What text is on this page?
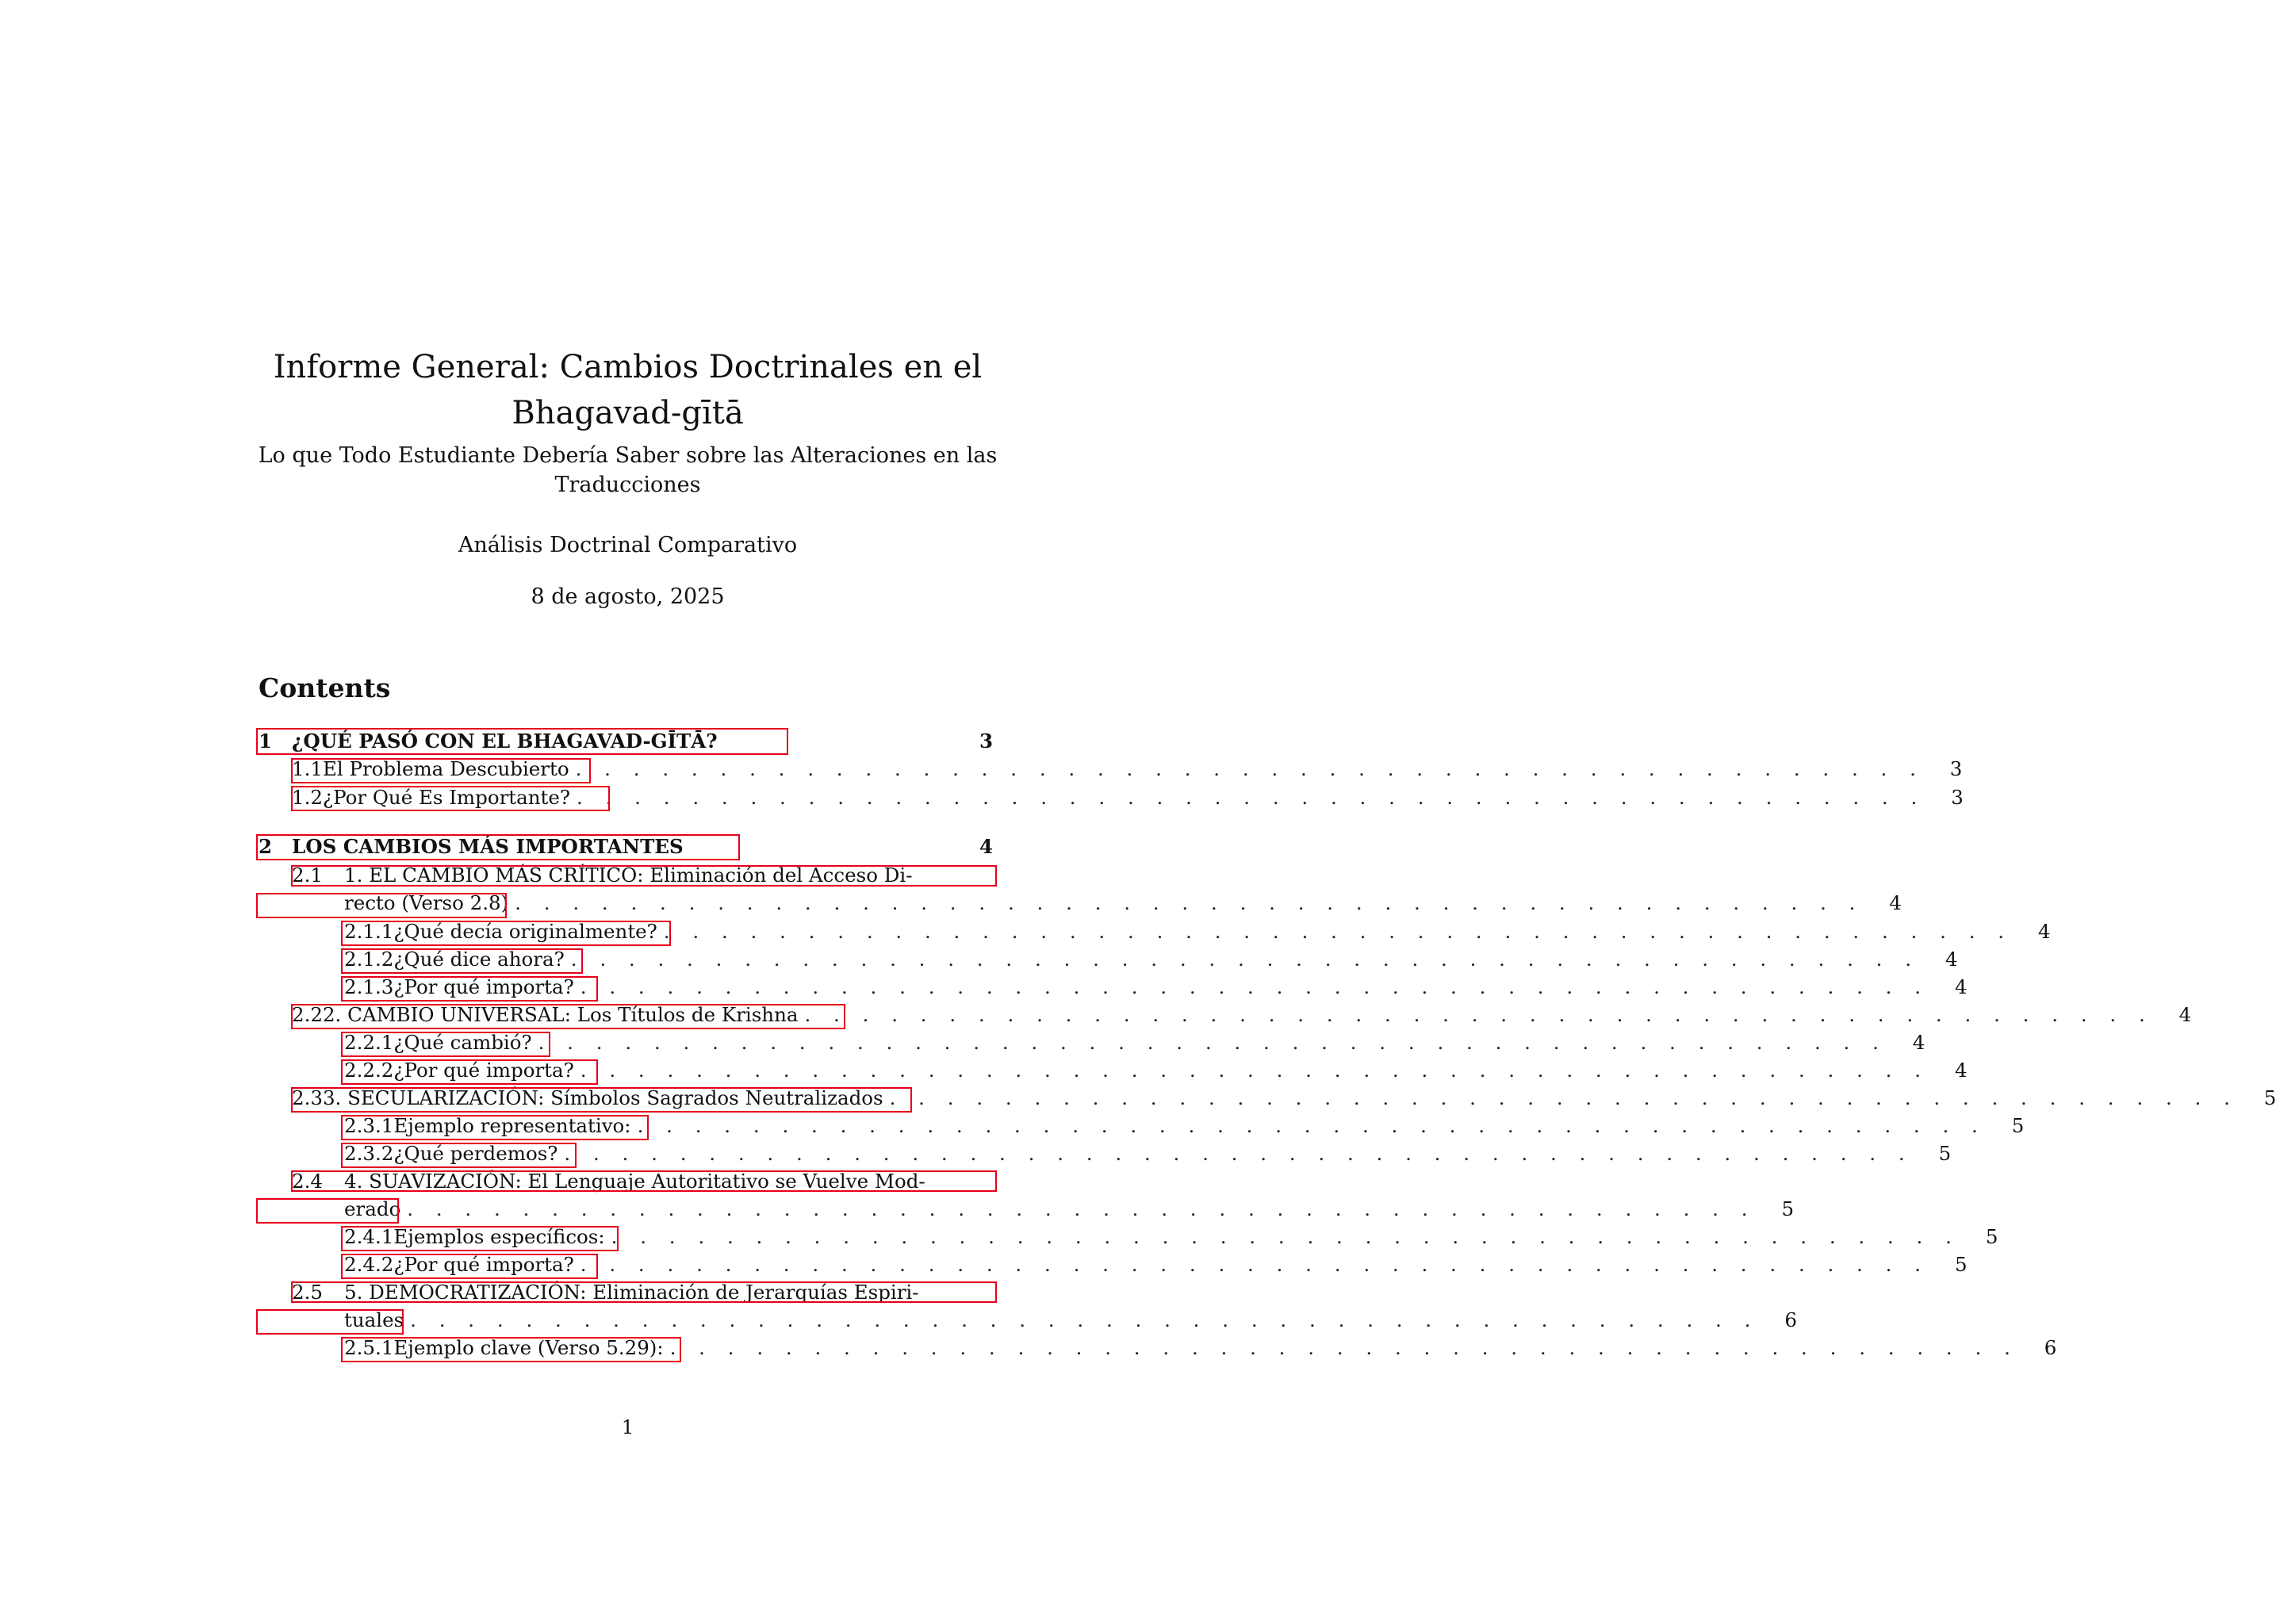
Informe General: Cambios Doctrinales en el
Bhagavad-gītā

Lo que Todo Estudiante Debería Saber sobre las Alteraciones en las
Traducciones

Análisis Doctrinal Comparativo
8 de agosto, 2025
Contents
1	¿QUÉ PASÓ CON EL BHAGAVAD-GĪTĀ?	3
1.1 El Problema Descubierto . . . . . . . . . . . . . . . . . . . . . . . . . . . . . . . . . . . . . . . . . . . . . . . 3
1.2 ¿Por Qué Es Importante? . . . . . . . . . . . . . . . . . . . . . . . . . . . . . . . . . . . . . . . . . . . . . . . 3
2	LOS CAMBIOS MÁS IMPORTANTES	4
2.1	1. EL CAMBIO MÁS CRÍTICO: Eliminación del Acceso Di-
recto (Verso 2.8) . . . . . . . . . . . . . . . . . . . . . . . . . . . . . . . . . . . . . . . . . . . . . . . 4
2.1.1 ¿Qué decía originalmente? . . . . . . . . . . . . . . . . . . . . . . . . . . . . . . . . . . . . . . . . . . . . . . . 4
2.1.2 ¿Qué dice ahora? . . . . . . . . . . . . . . . . . . . . . . . . . . . . . . . . . . . . . . . . . . . . . . . 4
2.1.3 ¿Por qué importa? . . . . . . . . . . . . . . . . . . . . . . . . . . . . . . . . . . . . . . . . . . . . . . . 4
2.2 2. CAMBIO UNIVERSAL: Los Títulos de Krishna . . . . . . . . . . . . . . . . . . . . . . . . . . . . . . . . . . . . . . . . . . . . . . . 4
2.2.1 ¿Qué cambió? . . . . . . . . . . . . . . . . . . . . . . . . . . . . . . . . . . . . . . . . . . . . . . . 4
2.2.2 ¿Por qué importa? . . . . . . . . . . . . . . . . . . . . . . . . . . . . . . . . . . . . . . . . . . . . . . . 4
2.3 3. SECULARIZACIÓN: Símbolos Sagrados Neutralizados . . . . . . . . . . . . . . . . . . . . . . . . . . . . . . . . . . . . . . . . . . . . . . . 5
2.3.1 Ejemplo representativo: . . . . . . . . . . . . . . . . . . . . . . . . . . . . . . . . . . . . . . . . . . . . . . . 5
2.3.2 ¿Qué perdemos? . . . . . . . . . . . . . . . . . . . . . . . . . . . . . . . . . . . . . . . . . . . . . . . 5
2.4	4. SUAVIZACIÓN: El Lenguaje Autoritativo se Vuelve Mod-
erado . . . . . . . . . . . . . . . . . . . . . . . . . . . . . . . . . . . . . . . . . . . . . . . 5
2.4.1 Ejemplos específicos: . . . . . . . . . . . . . . . . . . . . . . . . . . . . . . . . . . . . . . . . . . . . . . . 5
2.4.2 ¿Por qué importa? . . . . . . . . . . . . . . . . . . . . . . . . . . . . . . . . . . . . . . . . . . . . . . . 5
2.5	5. DEMOCRATIZACIÓN: Eliminación de Jerarquías Espiri-
tuales . . . . . . . . . . . . . . . . . . . . . . . . . . . . . . . . . . . . . . . . . . . . . . . 6
2.5.1 Ejemplo clave (Verso 5.29): . . . . . . . . . . . . . . . . . . . . . . . . . . . . . . . . . . . . . . . . . . . . . . . 6
1
